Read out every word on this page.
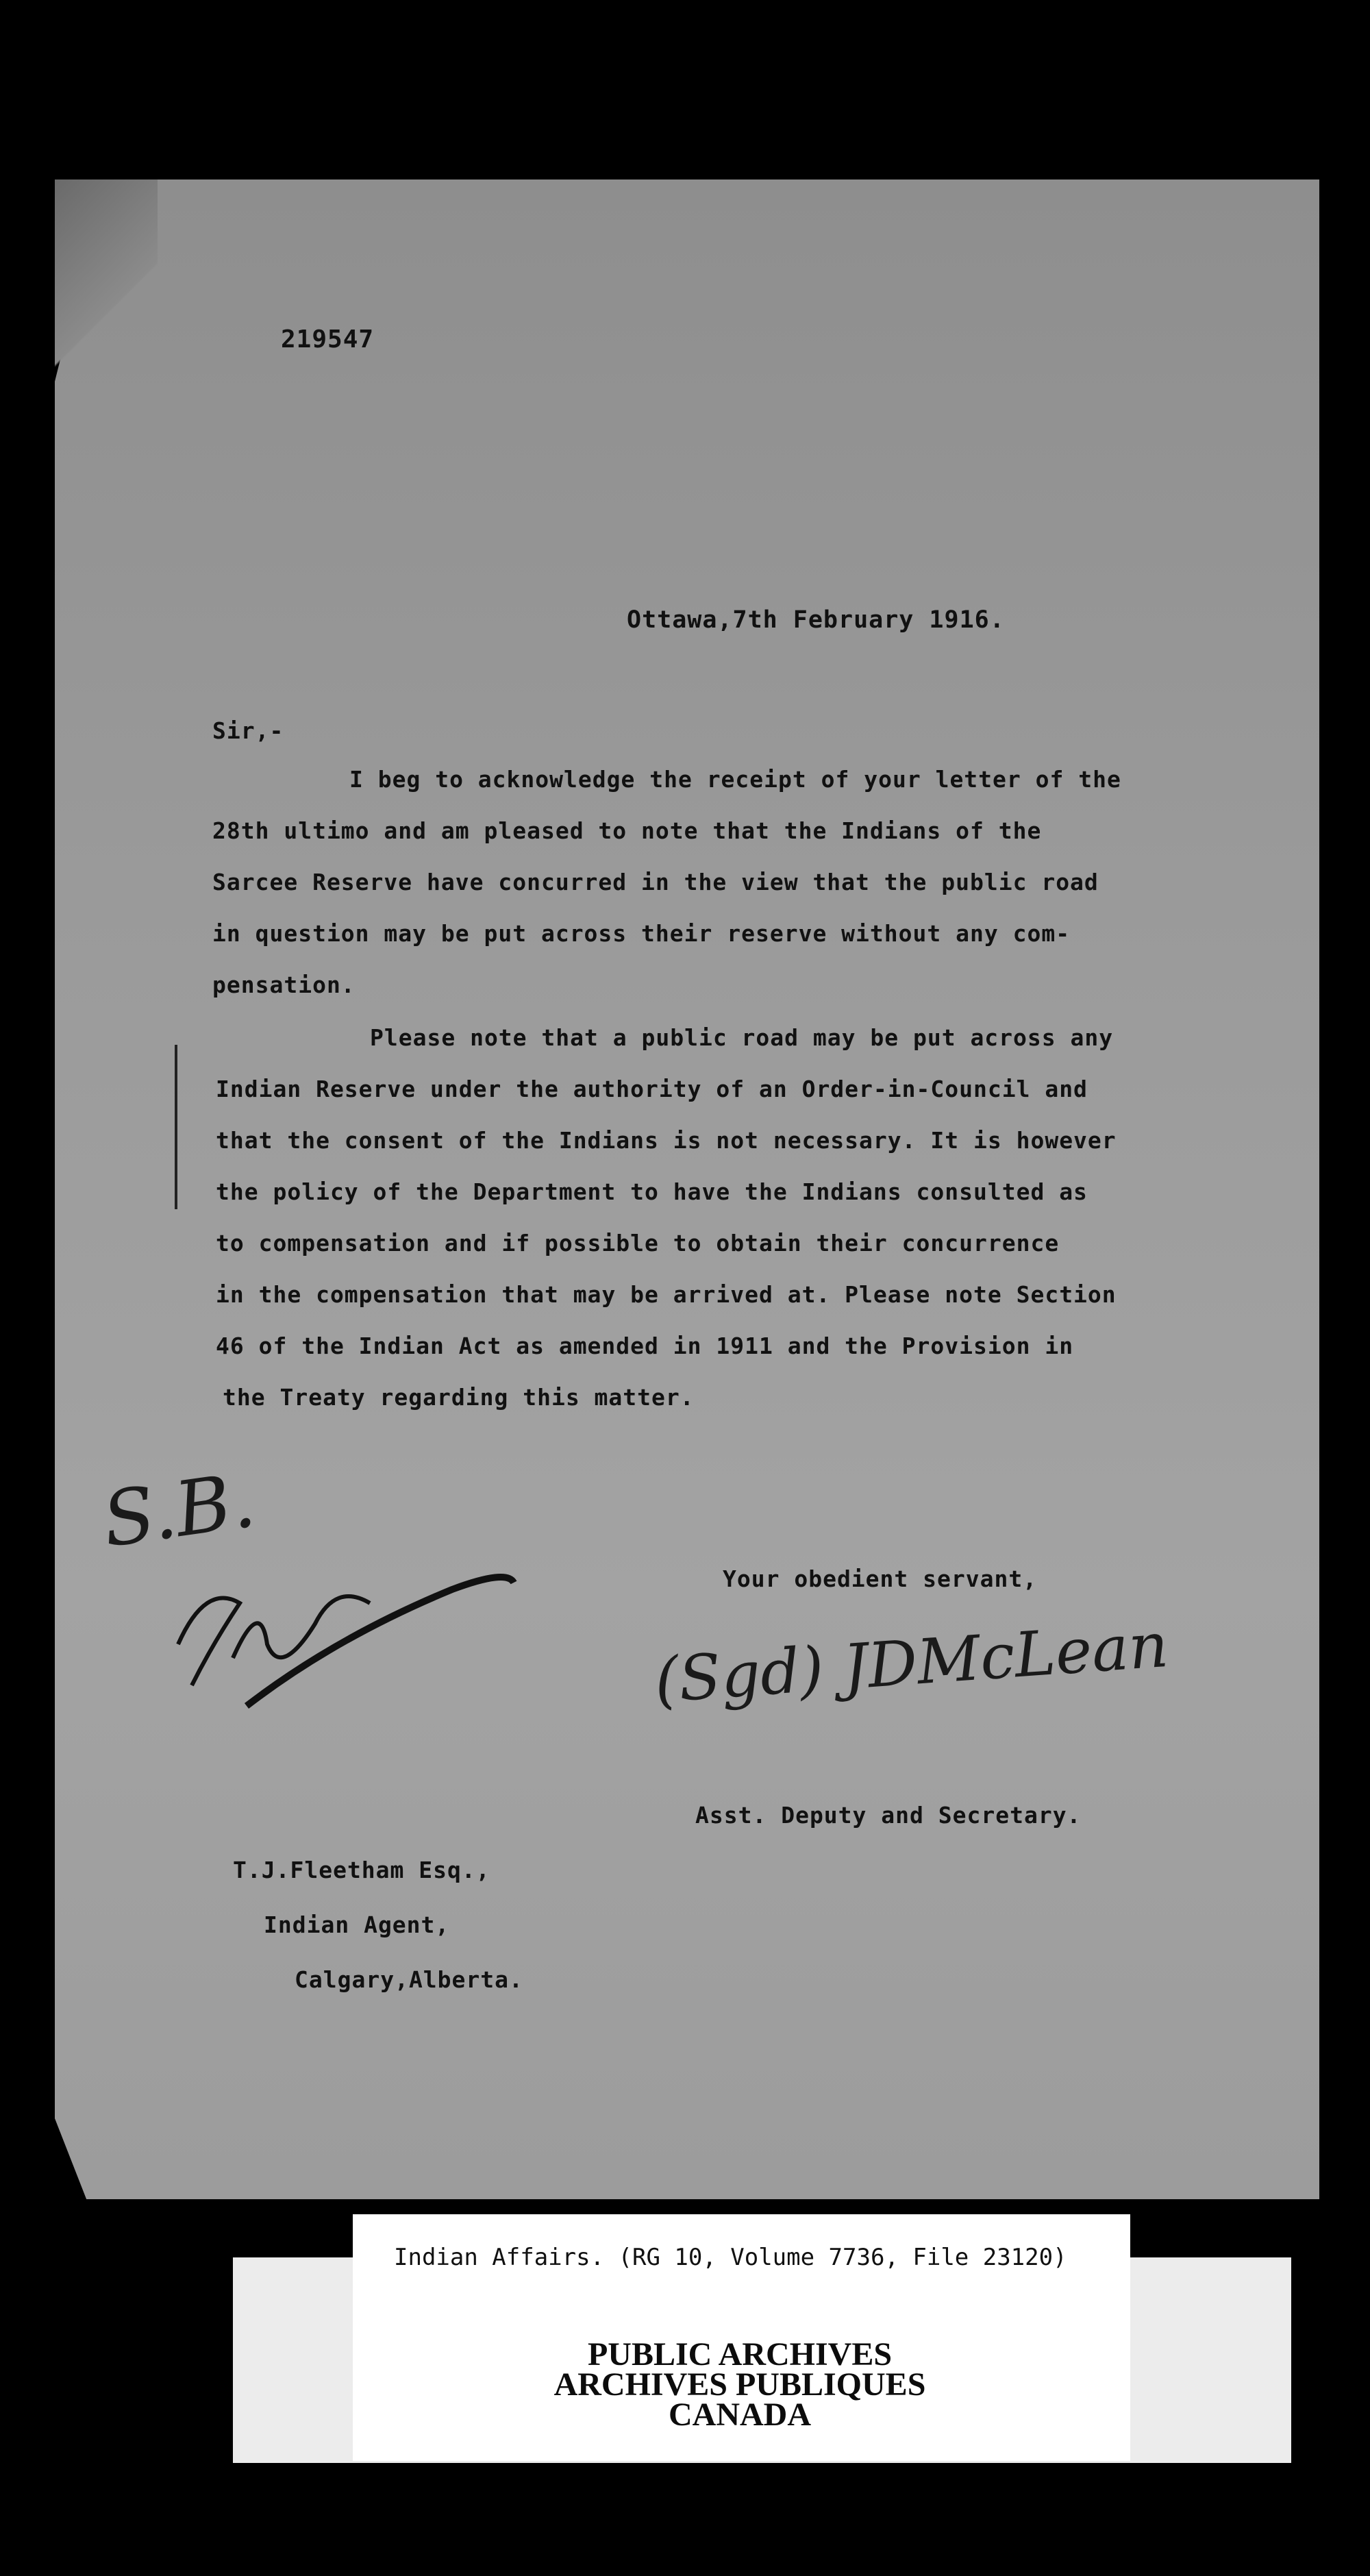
219547
Ottawa,7th February 1916.
Sir,-
I beg to acknowledge the receipt of your letter of the
28th ultimo and am pleased to note that the Indians of the
Sarcee Reserve have concurred in the view that the public road
in question may be put across their reserve without any com-
pensation.
Please note that a public road may be put across any
Indian Reserve under the authority of an Order-in-Council and
that the consent of the Indians is not necessary. It is however
the policy of the Department to have the Indians consulted as
to compensation and if possible to obtain their concurrence
in the compensation that may be arrived at. Please note Section
46 of the Indian Act as amended in 1911 and the Provision in
the Treaty regarding this matter.
S.B.
Your obedient servant,
(Sgd) JDMcLean
Asst. Deputy and Secretary.
T.J.Fleetham Esq.,
Indian Agent,
Calgary,Alberta.
Indian Affairs. (RG 10, Volume 7736, File 23120)
PUBLIC ARCHIVES
ARCHIVES PUBLIQUES
CANADA
